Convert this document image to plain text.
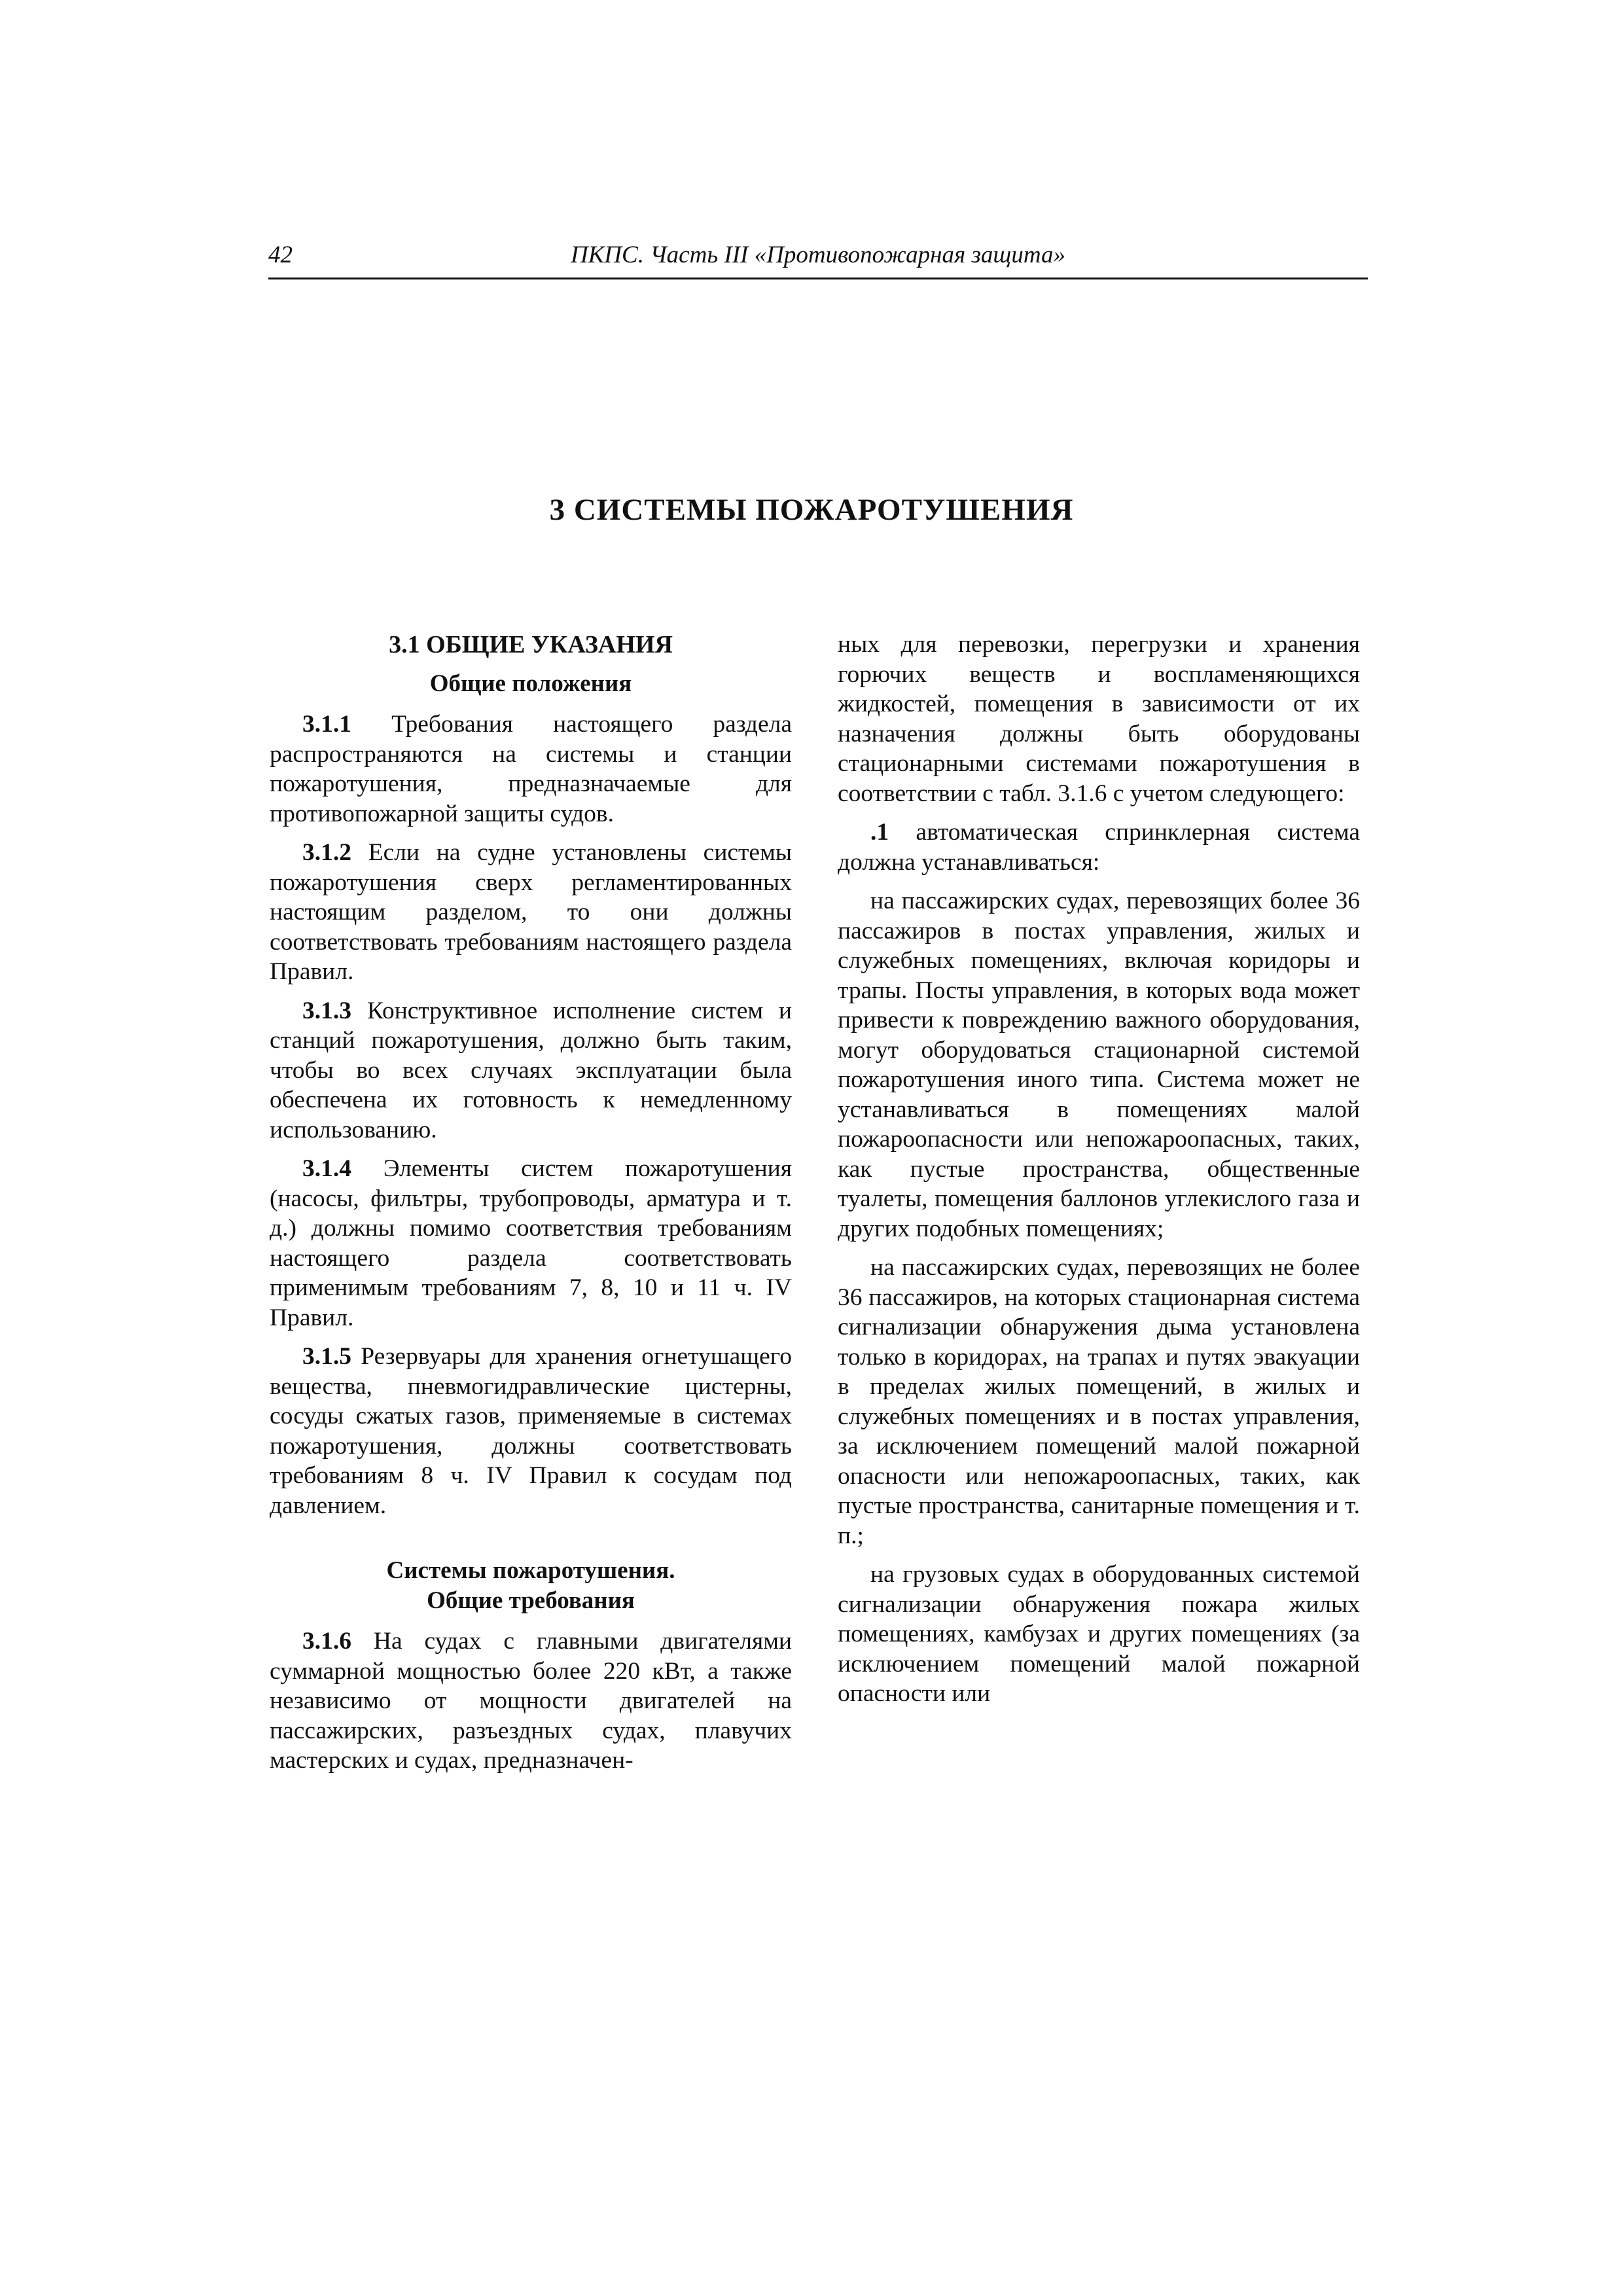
42	ПКПС. Часть III «Противопожарная защита»
3 СИСТЕМЫ ПОЖАРОТУШЕНИЯ
3.1 ОБЩИЕ УКАЗАНИЯ
Общие положения

3.1.1 Требования настоящего раздела распространяются на системы и станции пожаротушения, предназначаемые для противопожарной защиты судов.

3.1.2 Если на судне установлены системы пожаротушения сверх регламентированных настоящим разделом, то они должны соответствовать требованиям настоящего раздела Правил.

3.1.3 Конструктивное исполнение систем и станций пожаротушения, должно быть таким, чтобы во всех случаях эксплуатации была обеспечена их готовность к немедленному использованию.

3.1.4 Элементы систем пожаротушения (насосы, фильтры, трубопроводы, арматура и т. д.) должны помимо соответствия требованиям настоящего раздела соответствовать применимым требованиям 7, 8, 10 и 11 ч. IV Правил.

3.1.5 Резервуары для хранения огнетушащего вещества, пневмогидравлические цистерны, сосуды сжатых газов, применяемые в системах пожаротушения, должны соответствовать требованиям 8 ч. IV Правил к сосудам под давлением.

Системы пожаротушения.
Общие требования

3.1.6 На судах с главными двигателями суммарной мощностью более 220 кВт, а также независимо от мощности двигателей на пассажирских, разъездных судах, плавучих мастерских и судах, предназначен-

ных для перевозки, перегрузки и хранения горючих веществ и воспламеняющихся жидкостей, помещения в зависимости от их назначения должны быть оборудованы стационарными системами пожаротушения в соответствии с табл. 3.1.6 с учетом следующего:

.1 автоматическая спринклерная система должна устанавливаться:

на пассажирских судах, перевозящих более 36 пассажиров в постах управления, жилых и служебных помещениях, включая коридоры и трапы. Посты управления, в которых вода может привести к повреждению важного оборудования, могут оборудоваться стационарной системой пожаротушения иного типа. Система может не устанавливаться в помещениях малой пожароопасности или непожароопасных, таких, как пустые пространства, общественные туалеты, помещения баллонов углекислого газа и других подобных помещениях;

на пассажирских судах, перевозящих не более 36 пассажиров, на которых стационарная система сигнализации обнаружения дыма установлена только в коридорах, на трапах и путях эвакуации в пределах жилых помещений, в жилых и служебных помещениях и в постах управления, за исключением помещений малой пожарной опасности или непожароопасных, таких, как пустые пространства, санитарные помещения и т. п.;

на грузовых судах в оборудованных системой сигнализации обнаружения пожара жилых помещениях, камбузах и других помещениях (за исключением помещений малой пожарной опасности или
